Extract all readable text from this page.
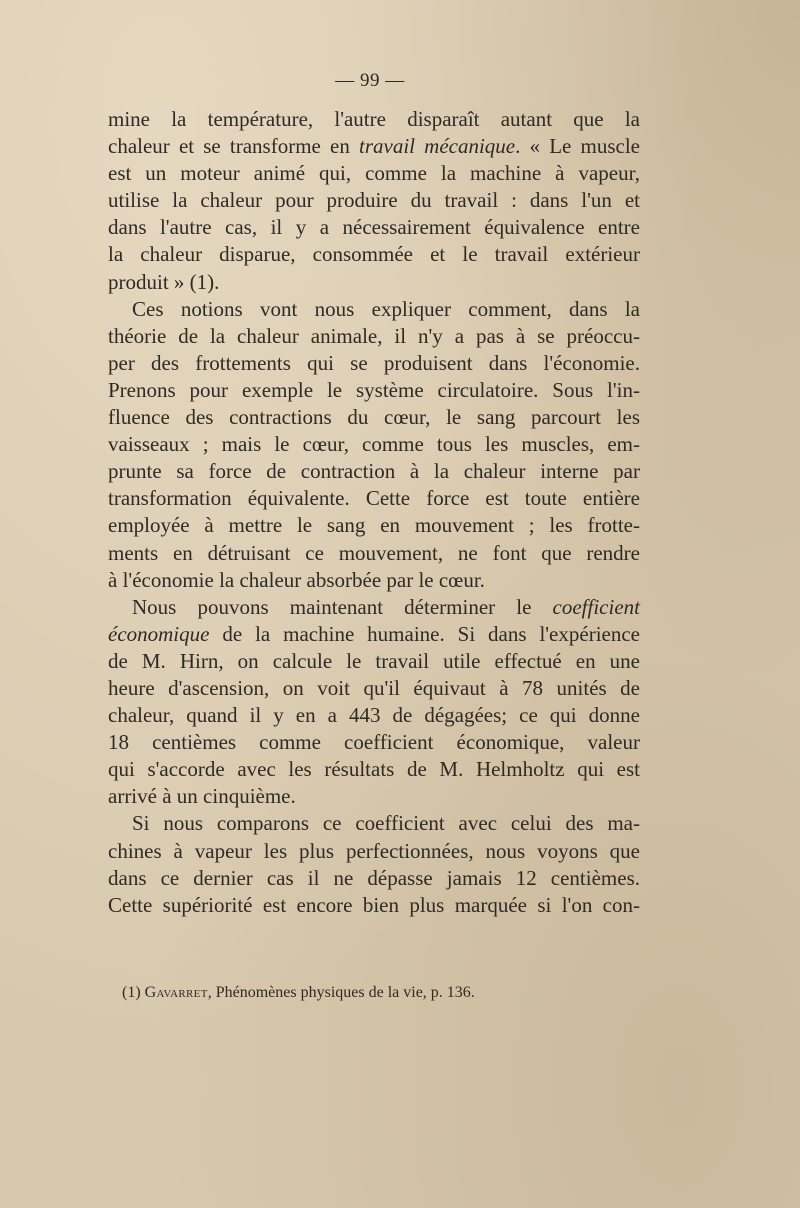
— 99 —
mine la température, l'autre disparaît autant que la
chaleur et se transforme en travail mécanique. « Le muscle
est un moteur animé qui, comme la machine à vapeur,
utilise la chaleur pour produire du travail : dans l'un et
dans l'autre cas, il y a nécessairement équivalence entre
la chaleur disparue, consommée et le travail extérieur
produit » (1).
Ces notions vont nous expliquer comment, dans la
théorie de la chaleur animale, il n'y a pas à se préoccu-
per des frottements qui se produisent dans l'économie.
Prenons pour exemple le système circulatoire. Sous l'in-
fluence des contractions du cœur, le sang parcourt les
vaisseaux ; mais le cœur, comme tous les muscles, em-
prunte sa force de contraction à la chaleur interne par
transformation équivalente. Cette force est toute entière
employée à mettre le sang en mouvement ; les frotte-
ments en détruisant ce mouvement, ne font que rendre
à l'économie la chaleur absorbée par le cœur.
Nous pouvons maintenant déterminer le coefficient
économique de la machine humaine. Si dans l'expérience
de M. Hirn, on calcule le travail utile effectué en une
heure d'ascension, on voit qu'il équivaut à 78 unités de
chaleur, quand il y en a 443 de dégagées; ce qui donne
18 centièmes comme coefficient économique, valeur
qui s'accorde avec les résultats de M. Helmholtz qui est
arrivé à un cinquième.
Si nous comparons ce coefficient avec celui des ma-
chines à vapeur les plus perfectionnées, nous voyons que
dans ce dernier cas il ne dépasse jamais 12 centièmes.
Cette supériorité est encore bien plus marquée si l'on con-
(1) Gavarret, Phénomènes physiques de la vie, p. 136.
